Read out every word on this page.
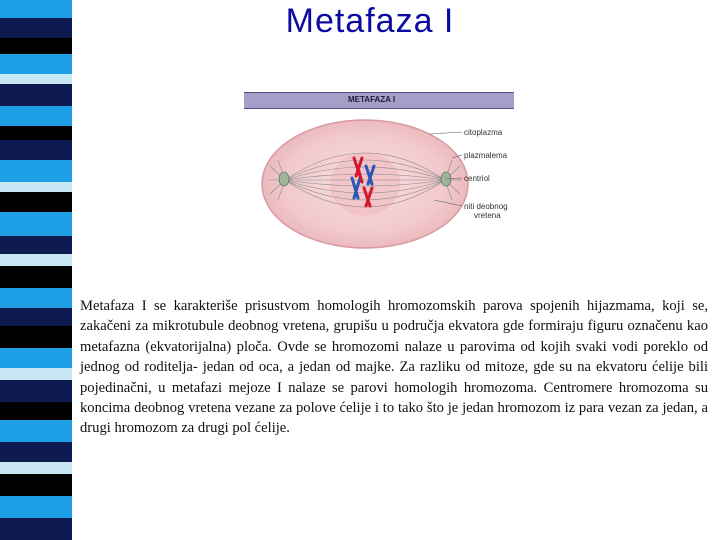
Metafaza I
METAFAZA I
citoplazma
plazmalema
centriol
niti deobnog
vretena

Metafaza I se karakteriše prisustvom homologih hromozomskih parova spojenih hijazmama, koji se, zakačeni za mikrotubule deobnog vretena, grupišu u područja ekvatora gde formiraju figuru označenu kao metafazna (ekvatorijalna) ploča. Ovde se hromozomi nalaze u parovima od kojih svaki vodi poreklo od jednog od roditelja- jedan od oca, a jedan od majke. Za razliku od mitoze, gde su na ekvatoru ćelije bili pojedinačni, u metafazi mejoze I nalaze se parovi homologih hromozoma. Centromere hromozoma su koncima deobnog vretena vezane za polove ćelije i to tako što je jedan hromozom iz para vezan za jedan, a drugi hromozom za drugi pol ćelije.
